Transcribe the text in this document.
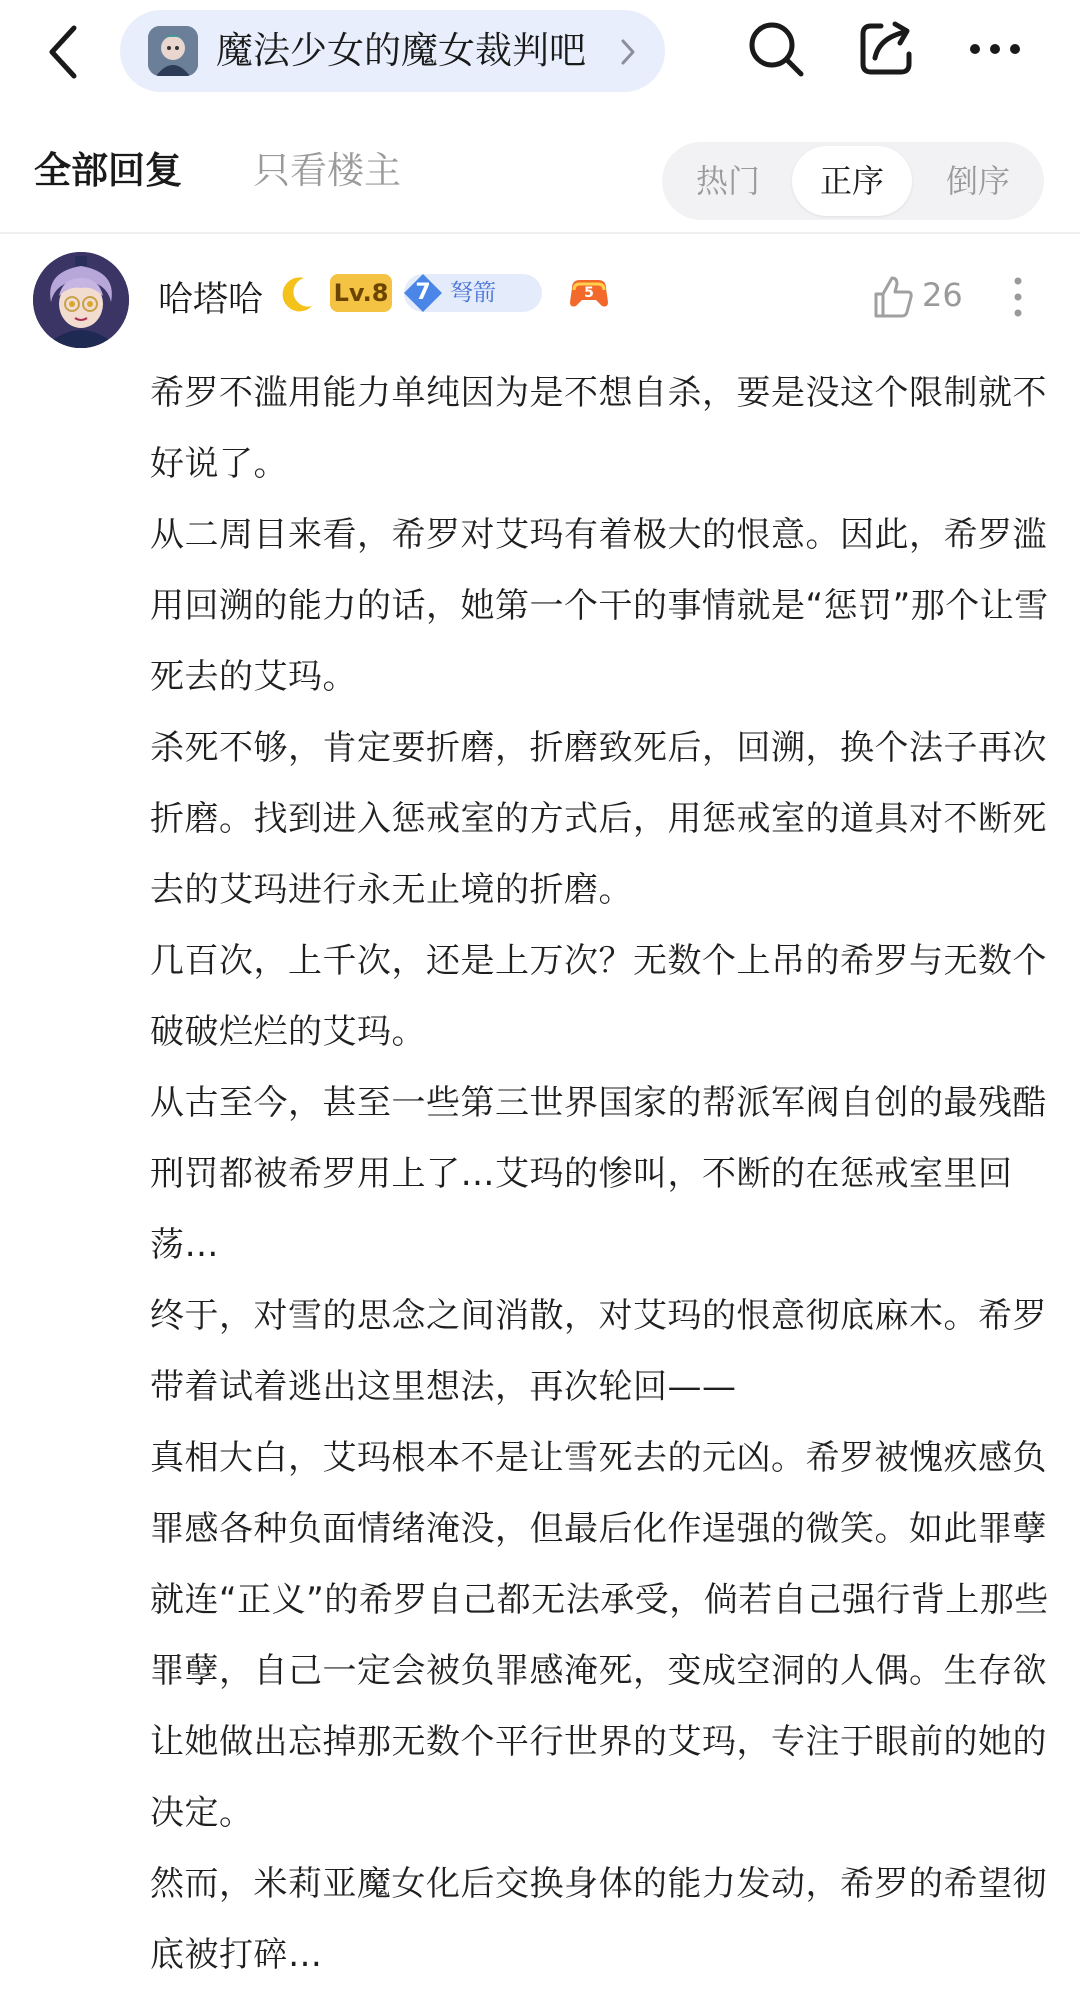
魔法少女的魔女裁判吧
全部回复 只看楼主	热门	正序	倒序
哈塔哈	Lv.8	7 弩箭	5	26

希罗不滥用能力单纯因为是不想自杀，要是没这个限制就不好说了。

从二周目来看，希罗对艾玛有着极大的恨意。因此，希罗滥用回溯的能力的话，她第一个干的事情就是“惩罚”那个让雪死去的艾玛。

杀死不够，肯定要折磨，折磨致死后，回溯，换个法子再次折磨。找到进入惩戒室的方式后，用惩戒室的道具对不断死去的艾玛进行永无止境的折磨。

几百次，上千次，还是上万次？无数个上吊的希罗与无数个破破烂烂的艾玛。

从古至今，甚至一些第三世界国家的帮派军阀自创的最残酷刑罚都被希罗用上了…艾玛的惨叫，不断的在惩戒室里回荡…

终于，对雪的思念之间消散，对艾玛的恨意彻底麻木。希罗带着试着逃出这里想法，再次轮回——

真相大白，艾玛根本不是让雪死去的元凶。希罗被愧疚感负罪感各种负面情绪淹没，但最后化作逞强的微笑。如此罪孽就连“正义”的希罗自己都无法承受，倘若自己强行背上那些罪孽，自己一定会被负罪感淹死，变成空洞的人偶。生存欲让她做出忘掉那无数个平行世界的艾玛，专注于眼前的她的决定。

然而，米莉亚魔女化后交换身体的能力发动，希罗的希望彻底被打碎…
